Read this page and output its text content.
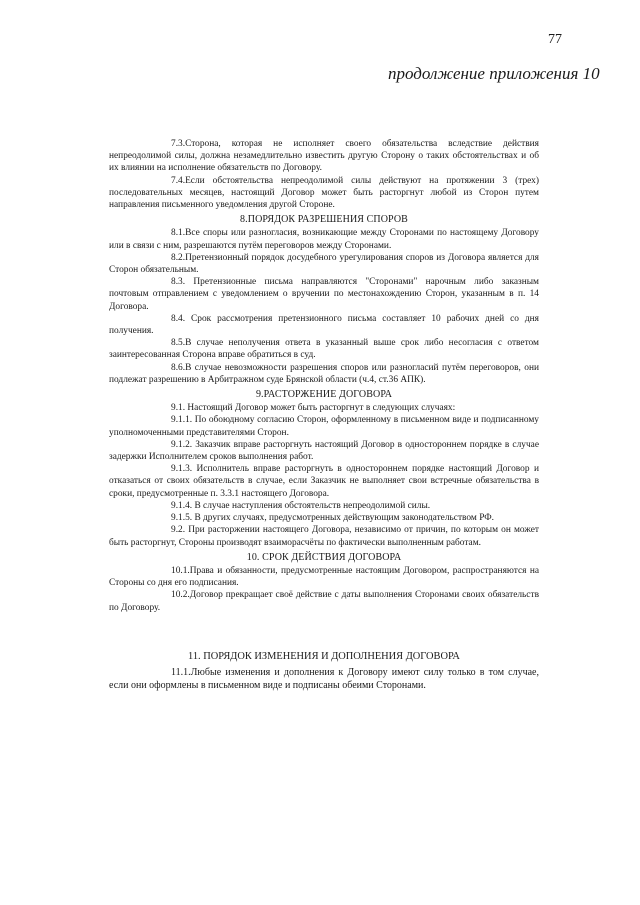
77
продолжение приложения 10

7.3.Сторона, которая не исполняет своего обязательства вследствие действия непреодолимой силы, должна незамедлительно известить другую Сторону о таких обстоятельствах и об их влиянии на исполнение обязательств по Договору.

7.4.Если обстоятельства непреодолимой силы действуют на протяжении 3 (трех) последовательных месяцев, настоящий Договор может быть расторгнут любой из Сторон путем направления письменного уведомления другой Стороне.

8.ПОРЯДОК РАЗРЕШЕНИЯ СПОРОВ

8.1.Все споры или разногласия, возникающие между Сторонами по настоящему Договору или в связи с ним, разрешаются путём переговоров между Сторонами.

8.2.Претензионный порядок досудебного урегулирования споров из Договора является для Сторон обязательным.

8.3. Претензионные письма направляются "Сторонами" нарочным либо заказным почтовым отправлением с уведомлением о вручении по местонахождению Сторон, указанным в п. 14 Договора.

8.4. Срок рассмотрения претензионного письма составляет 10 рабочих дней со дня получения.

8.5.В случае неполучения ответа в указанный выше срок либо несогласия с ответом заинтересованная Сторона вправе обратиться в суд.

8.6.В случае невозможности разрешения споров или разногласий путём переговоров, они подлежат разрешению в Арбитражном суде Брянской области (ч.4, ст.36 АПК).

9.РАСТОРЖЕНИЕ ДОГОВОРА

9.1. Настоящий Договор может быть расторгнут в следующих случаях:

9.1.1. По обоюдному согласию Сторон, оформленному в письменном виде и подписанному уполномоченными представителями Сторон.

9.1.2. Заказчик вправе расторгнуть настоящий Договор в одностороннем порядке в случае задержки Исполнителем сроков выполнения работ.

9.1.3. Исполнитель вправе расторгнуть в одностороннем порядке настоящий Договор и отказаться от своих обязательств в случае, если Заказчик не выполняет свои встречные обязательства в сроки, предусмотренные п. 3.3.1 настоящего Договора.

9.1.4. В случае наступления обстоятельств непреодолимой силы.

9.1.5. В других случаях, предусмотренных действующим законодательством РФ.

9.2. При расторжении настоящего Договора, независимо от причин, по которым он может быть расторгнут, Стороны производят взаиморасчёты по фактически выполненным работам.

10. СРОК ДЕЙСТВИЯ ДОГОВОРА

10.1.Права и обязанности, предусмотренные настоящим Договором, распространяются на Стороны со дня его подписания.

10.2.Договор прекращает своё действие с даты выполнения Сторонами своих обязательств по Договору.

11. ПОРЯДОК ИЗМЕНЕНИЯ И ДОПОЛНЕНИЯ ДОГОВОРА

11.1.Любые изменения и дополнения к Договору имеют силу только в том случае, если они оформлены в письменном виде и подписаны обеими Сторонами.
